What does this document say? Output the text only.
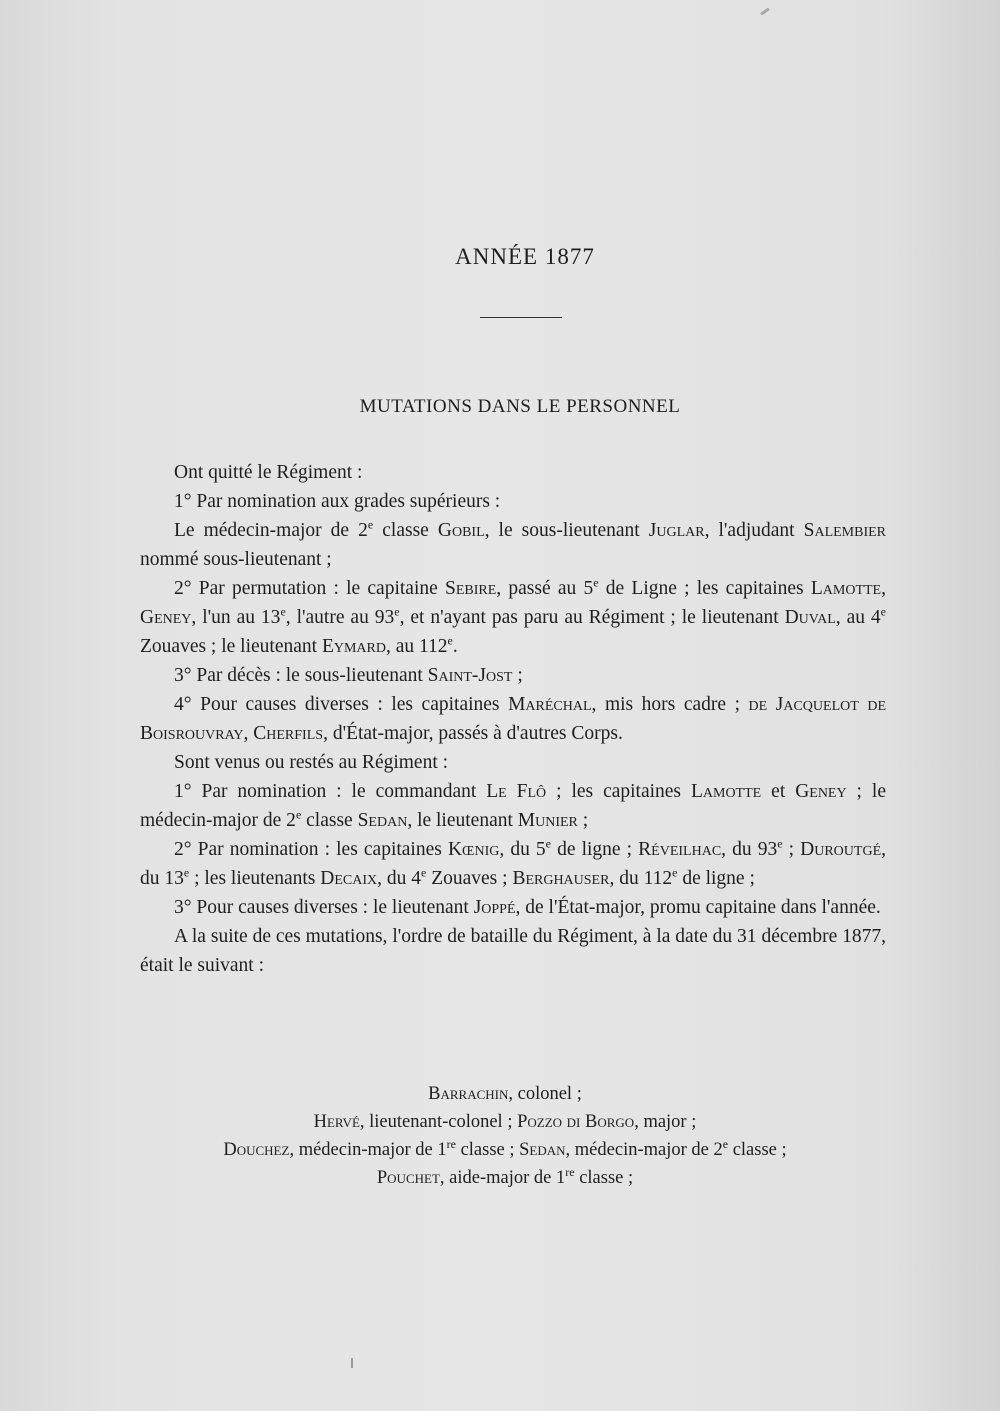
ANNÉE 1877
MUTATIONS DANS LE PERSONNEL

Ont quitté le Régiment :

1° Par nomination aux grades supérieurs :

Le médecin-major de 2e classe Gobil, le sous-lieutenant Juglar, l'adjudant Salembier nommé sous-lieutenant ;

2° Par permutation : le capitaine Sebire, passé au 5e de Ligne ; les capitaines Lamotte, Geney, l'un au 13e, l'autre au 93e, et n'ayant pas paru au Régiment ; le lieutenant Duval, au 4e Zouaves ; le lieutenant Eymard, au 112e.

3° Par décès : le sous-lieutenant Saint-Jost ;

4° Pour causes diverses : les capitaines Maréchal, mis hors cadre ; de Jacquelot de Boisrouvray, Cherfils, d'État-major, passés à d'autres Corps.

Sont venus ou restés au Régiment :

1° Par nomination : le commandant Le Flô ; les capitaines Lamotte et Geney ; le médecin-major de 2e classe Sedan, le lieutenant Munier ;

2° Par nomination : les capitaines Kœnig, du 5e de ligne ; Réveilhac, du 93e ; Duroutgé, du 13e ; les lieutenants Decaix, du 4e Zouaves ; Berghauser, du 112e de ligne ;

3° Pour causes diverses : le lieutenant Joppé, de l'État-major, promu capitaine dans l'année.

A la suite de ces mutations, l'ordre de bataille du Régiment, à la date du 31 décembre 1877, était le suivant :

Barrachin, colonel ;
Hervé, lieutenant-colonel ; Pozzo di Borgo, major ;
Douchez, médecin-major de 1re classe ; Sedan, médecin-major de 2e classe ;
Pouchet, aide-major de 1re classe ;
